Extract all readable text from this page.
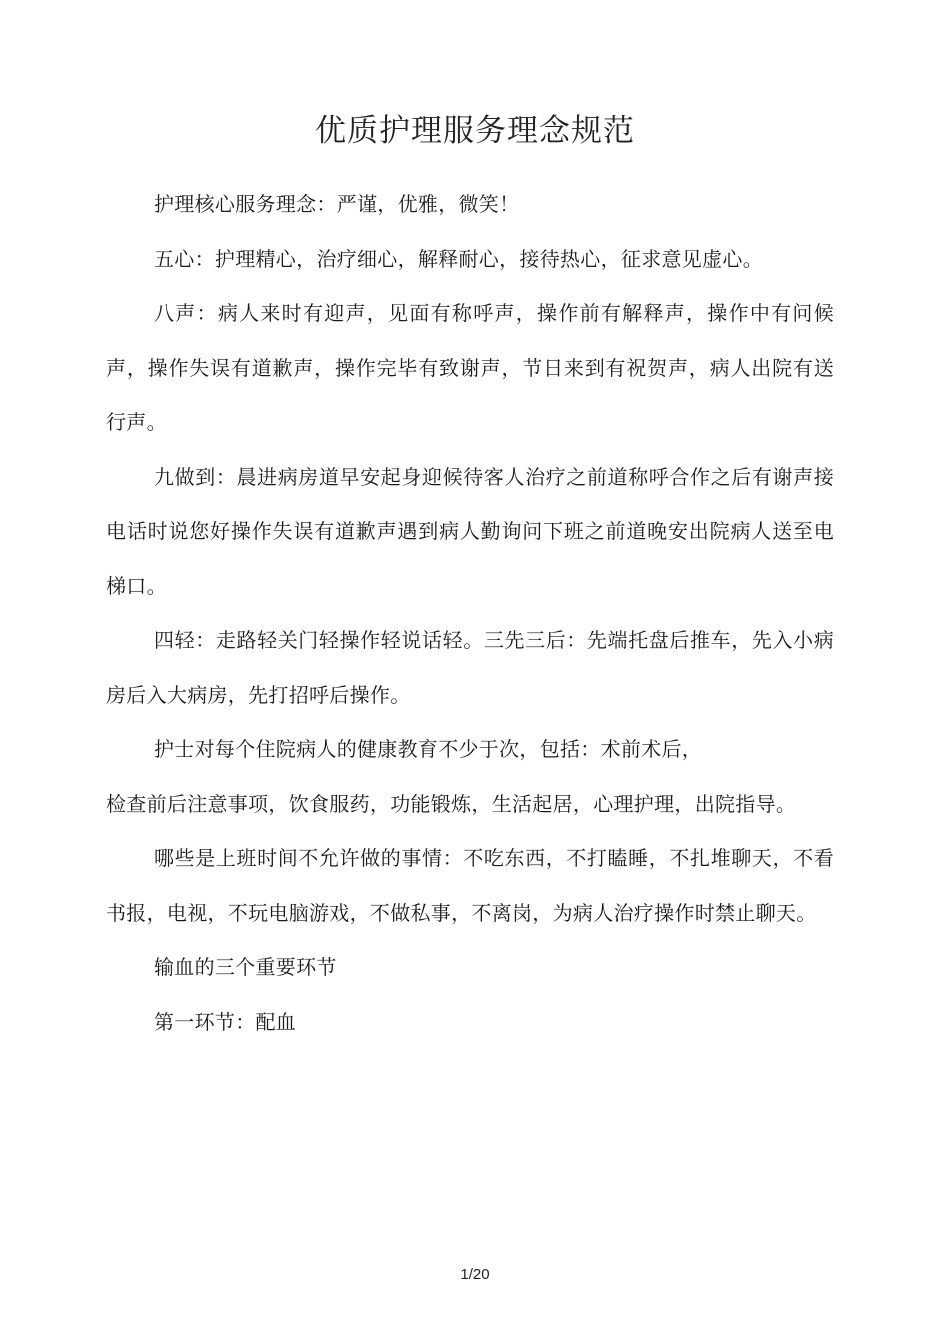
优质护理服务理念规范

护理核心服务理念：严谨，优雅，微笑！

五心：护理精心，治疗细心，解释耐心，接待热心，征求意见虚心。

八声：病人来时有迎声，见面有称呼声，操作前有解释声，操作中有问候声，操作失误有道歉声，操作完毕有致谢声，节日来到有祝贺声，病人出院有送行声。

九做到：晨进病房道早安起身迎候待客人治疗之前道称呼合作之后有谢声接电话时说您好操作失误有道歉声遇到病人勤询问下班之前道晚安出院病人送至电梯口。

四轻：走路轻关门轻操作轻说话轻。三先三后：先端托盘后推车，先入小病房后入大病房，先打招呼后操作。

护士对每个住院病人的健康教育不少于次，包括：术前术后，

检查前后注意事项，饮食服药，功能锻炼，生活起居，心理护理，出院指导。

哪些是上班时间不允许做的事情：不吃东西，不打瞌睡，不扎堆聊天，不看书报，电视，不玩电脑游戏，不做私事，不离岗，为病人治疗操作时禁止聊天。

输血的三个重要环节

第一环节：配血

1/20
